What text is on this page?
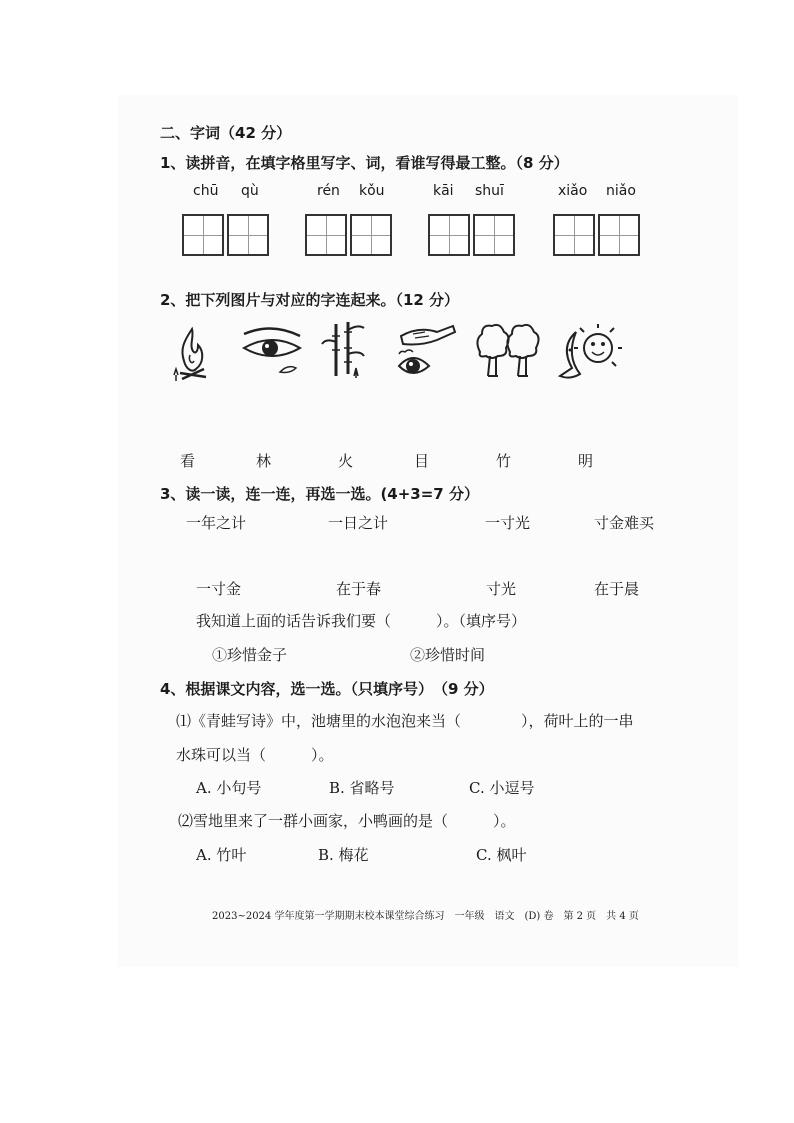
二、字词（42 分）
1、读拼音，在填字格里写字、词，看谁写得最工整。（8 分）
chū qù	rén kǒu	kāi shuī	xiǎo niǎo
2、把下列图片与对应的字连起来。（12 分）
看	林	火	目	竹	明
3、读一读，连一连，再选一选。(4+3=7 分）
一年之计	一日之计	一寸光	寸金难买
一寸金	在于春	寸光	在于晨
我知道上面的话告诉我们要（　　　）。（填序号）
①珍惜金子	②珍惜时间
4、根据课文内容，选一选。（只填序号）　（9 分）
⑴《青蛙写诗》中，池塘里的水泡泡来当（　　　　），荷叶上的一串
水珠可以当（　　　）。
A. 小句号	B. 省略号	C. 小逗号
⑵雪地里来了一群小画家，小鸭画的是（　　　）。
A. 竹叶	B. 梅花	C. 枫叶
2023~2024 学年度第一学期期末校本课堂综合练习　一年级　语文　(D) 卷　第 2 页　共 4 页
